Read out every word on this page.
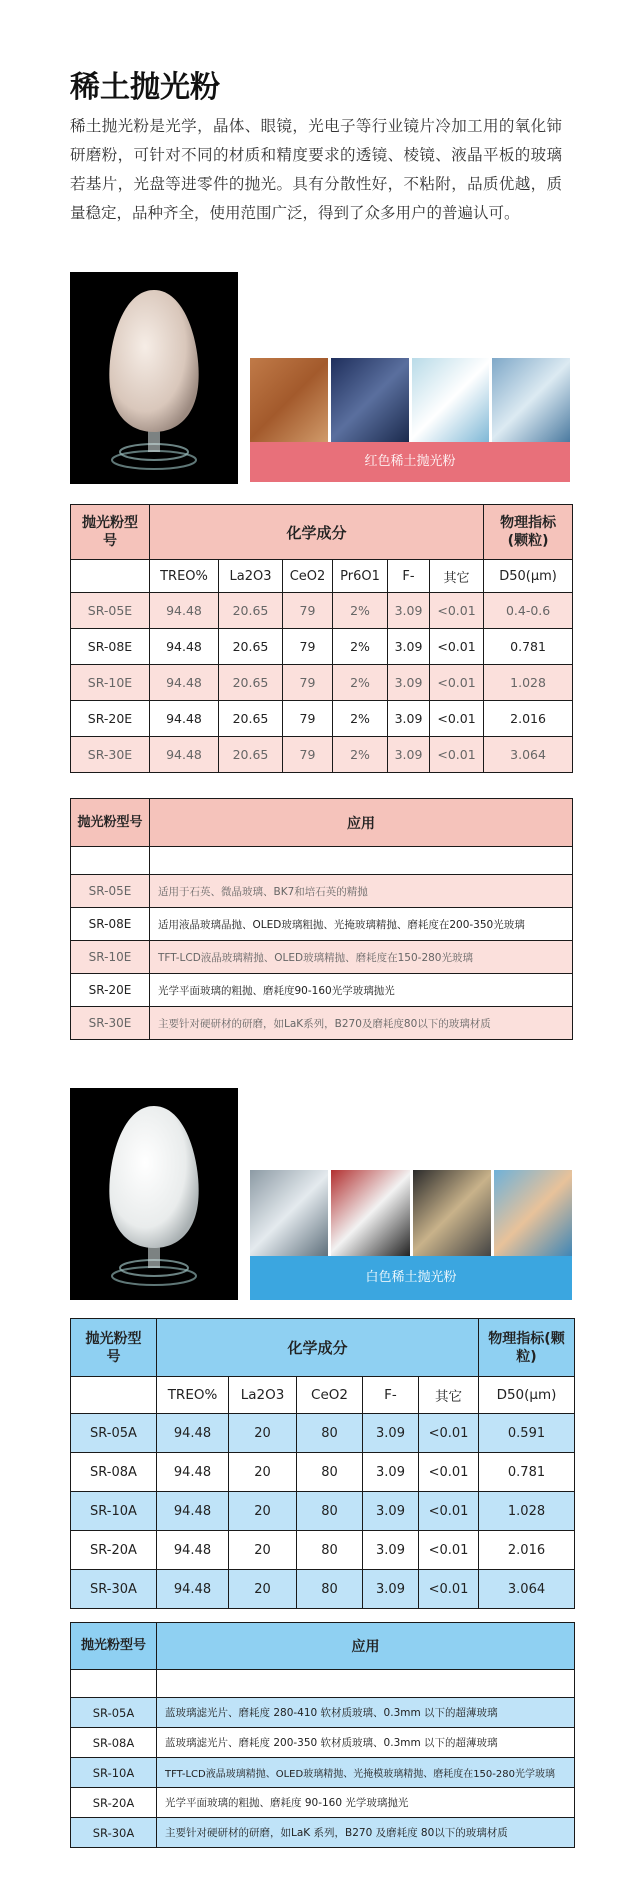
稀土抛光粉

稀土抛光粉是光学，晶体、眼镜，光电子等行业镜片冷加工用的氧化铈研磨粉，可针对不同的材质和精度要求的透镜、棱镜、液晶平板的玻璃若基片，光盘等进零件的抛光。具有分散性好，不粘附，品质优越，质量稳定，品种齐全，使用范围广泛，得到了众多用户的普遍认可。

红色稀土抛光粉
抛光粉型号	化学成分						物理指标(颗粒)
	TREO%	La2O3	CeO2	Pr6O1	F-	其它	D50(μm)
SR-05E	94.48	20.65	79	2%	3.09	<0.01	0.4-0.6
SR-08E	94.48	20.65	79	2%	3.09	<0.01	0.781
SR-10E	94.48	20.65	79	2%	3.09	<0.01	1.028
SR-20E	94.48	20.65	79	2%	3.09	<0.01	2.016
SR-30E	94.48	20.65	79	2%	3.09	<0.01	3.064
抛光粉型号	应用

SR-05E	适用于石英、微晶玻璃、BK7和培石英的精抛
SR-08E	适用液晶玻璃晶抛、OLED玻璃粗抛、光掩玻璃精抛、磨耗度在200-350光玻璃
SR-10E	TFT-LCD液晶玻璃精抛、OLED玻璃精抛、磨耗度在150-280光玻璃
SR-20E	光学平面玻璃的粗抛、磨耗度90-160光学玻璃抛光
SR-30E	主要针对硬研材的研磨，如LaK系列，B270及磨耗度80以下的玻璃材质
白色稀土抛光粉
抛光粉型号	化学成分					物理指标(颗粒)
	TREO%	La2O3	CeO2	F-	其它	D50(μm)
SR-05A	94.48	20	80	3.09	<0.01	0.591
SR-08A	94.48	20	80	3.09	<0.01	0.781
SR-10A	94.48	20	80	3.09	<0.01	1.028
SR-20A	94.48	20	80	3.09	<0.01	2.016
SR-30A	94.48	20	80	3.09	<0.01	3.064
抛光粉型号	应用

SR-05A	蓝玻璃滤光片、磨耗度 280-410 软材质玻璃、0.3mm 以下的超薄玻璃
SR-08A	蓝玻璃滤光片、磨耗度 200-350 软材质玻璃、0.3mm 以下的超薄玻璃
SR-10A	TFT-LCD液晶玻璃精抛、OLED玻璃精抛、光掩模玻璃精抛、磨耗度在150-280光学玻璃
SR-20A	光学平面玻璃的粗抛、磨耗度 90-160 光学玻璃抛光
SR-30A	主要针对硬研材的研磨，如LaK 系列，B270 及磨耗度 80以下的玻璃材质
